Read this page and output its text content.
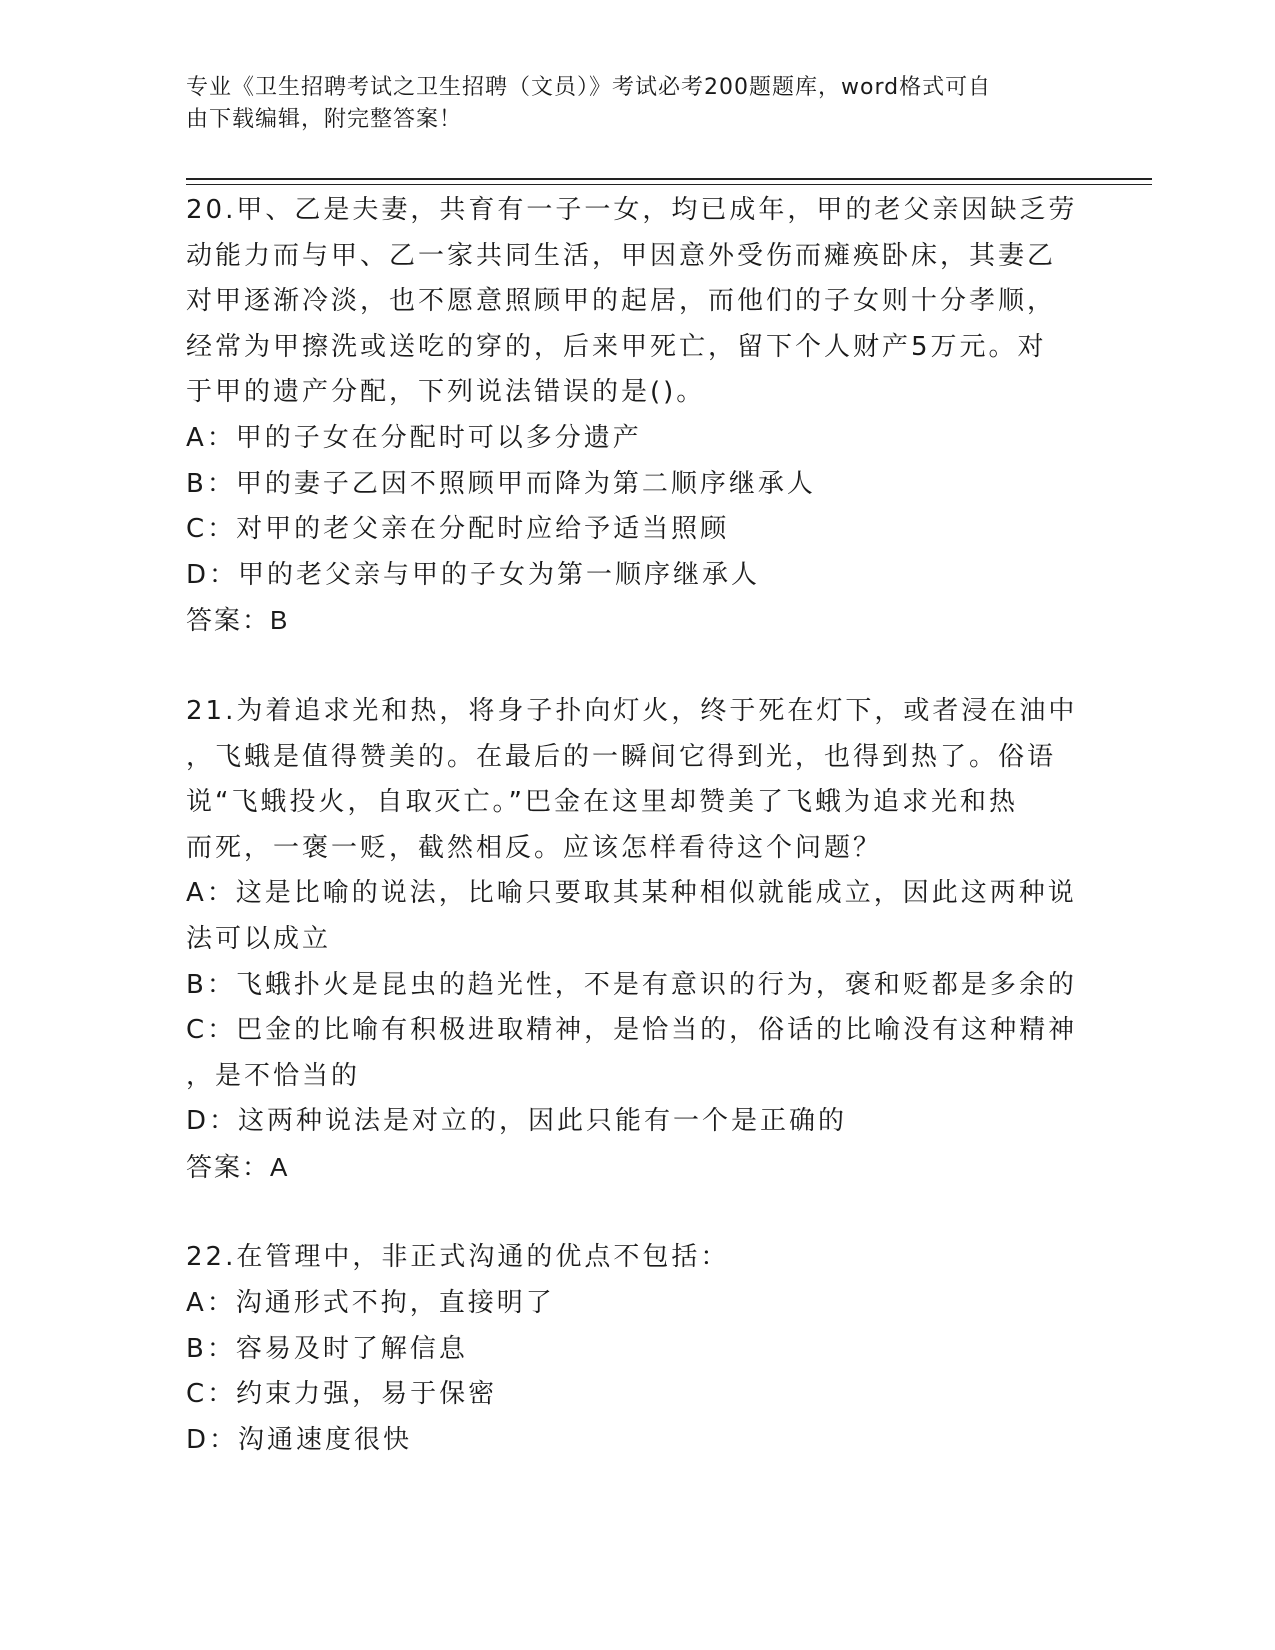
专业《卫生招聘考试之卫生招聘（文员）》考试必考200题题库，word格式可自
由下载编辑，附完整答案！
20.甲、乙是夫妻，共育有一子一女，均已成年，甲的老父亲因缺乏劳
动能力而与甲、乙一家共同生活，甲因意外受伤而瘫痪卧床，其妻乙
对甲逐渐冷淡，也不愿意照顾甲的起居，而他们的子女则十分孝顺，
经常为甲擦洗或送吃的穿的，后来甲死亡，留下个人财产5万元。对
于甲的遗产分配，下列说法错误的是()。
A：甲的子女在分配时可以多分遗产
B：甲的妻子乙因不照顾甲而降为第二顺序继承人
C：对甲的老父亲在分配时应给予适当照顾
D：甲的老父亲与甲的子女为第一顺序继承人
答案：B
21.为着追求光和热，将身子扑向灯火，终于死在灯下，或者浸在油中
，飞蛾是值得赞美的。在最后的一瞬间它得到光，也得到热了。俗语
说“飞蛾投火，自取灭亡。”巴金在这里却赞美了飞蛾为追求光和热
而死，一褒一贬，截然相反。应该怎样看待这个问题？
A：这是比喻的说法，比喻只要取其某种相似就能成立，因此这两种说
法可以成立
B：飞蛾扑火是昆虫的趋光性，不是有意识的行为，褒和贬都是多余的
C：巴金的比喻有积极进取精神，是恰当的，俗话的比喻没有这种精神
，是不恰当的
D：这两种说法是对立的，因此只能有一个是正确的
答案：A
22.在管理中，非正式沟通的优点不包括：
A：沟通形式不拘，直接明了
B：容易及时了解信息
C：约束力强，易于保密
D：沟通速度很快
